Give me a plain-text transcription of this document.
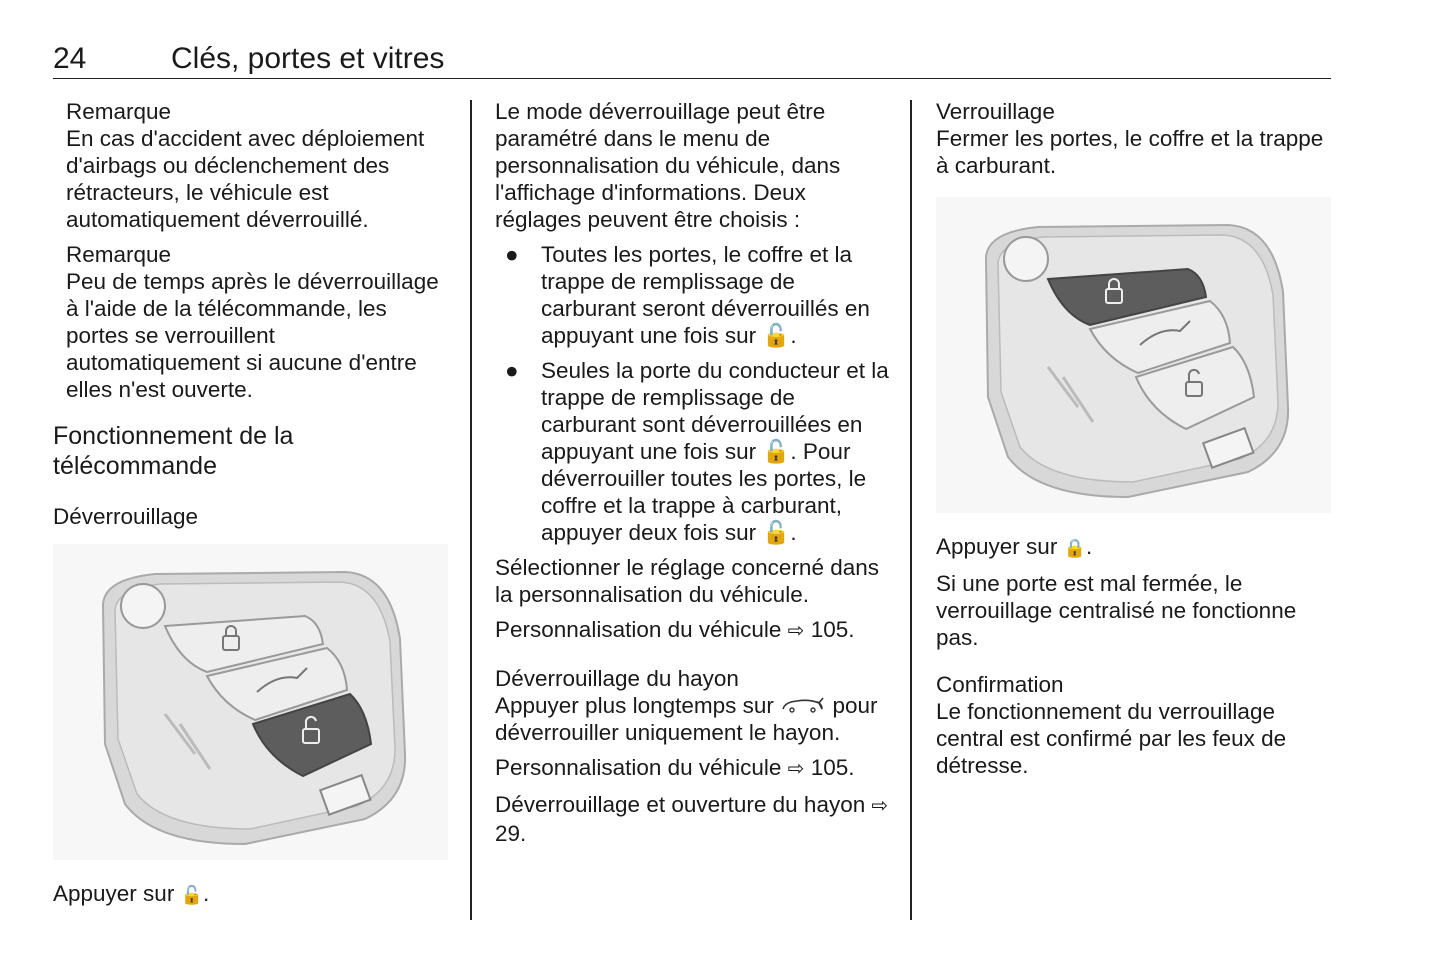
24	Clés, portes et vitres
Remarque

En cas d'accident avec déploiement d'airbags ou déclenchement des rétracteurs, le véhicule est automatiquement déverrouillé.

Remarque

Peu de temps après le déverrouillage à l'aide de la télécommande, les portes se verrouillent automatiquement si aucune d'entre elles n'est ouverte.

Fonctionnement de la télécommande
Déverrouillage

Appuyer sur 🔓.

Le mode déverrouillage peut être paramétré dans le menu de personnalisation du véhicule, dans l'affichage d'informations. Deux réglages peuvent être choisis :

● Toutes les portes, le coffre et la trappe de remplissage de carburant seront déverrouillés en appuyant une fois sur 🔓.
● Seules la porte du conducteur et la trappe de remplissage de carburant sont déverrouillées en appuyant une fois sur 🔓. Pour déverrouiller toutes les portes, le coffre et la trappe à carburant, appuyer deux fois sur 🔓.

Sélectionner le réglage concerné dans la personnalisation du véhicule.

Personnalisation du véhicule ⇨ 105.

Déverrouillage du hayon

Appuyer plus longtemps sur	pour déverrouiller uniquement le hayon.

Personnalisation du véhicule ⇨ 105.

Déverrouillage et ouverture du hayon ⇨ 29.

Verrouillage

Fermer les portes, le coffre et la trappe à carburant.

Appuyer sur 🔒.

Si une porte est mal fermée, le verrouillage centralisé ne fonctionne pas.

Confirmation

Le fonctionnement du verrouillage central est confirmé par les feux de détresse.
